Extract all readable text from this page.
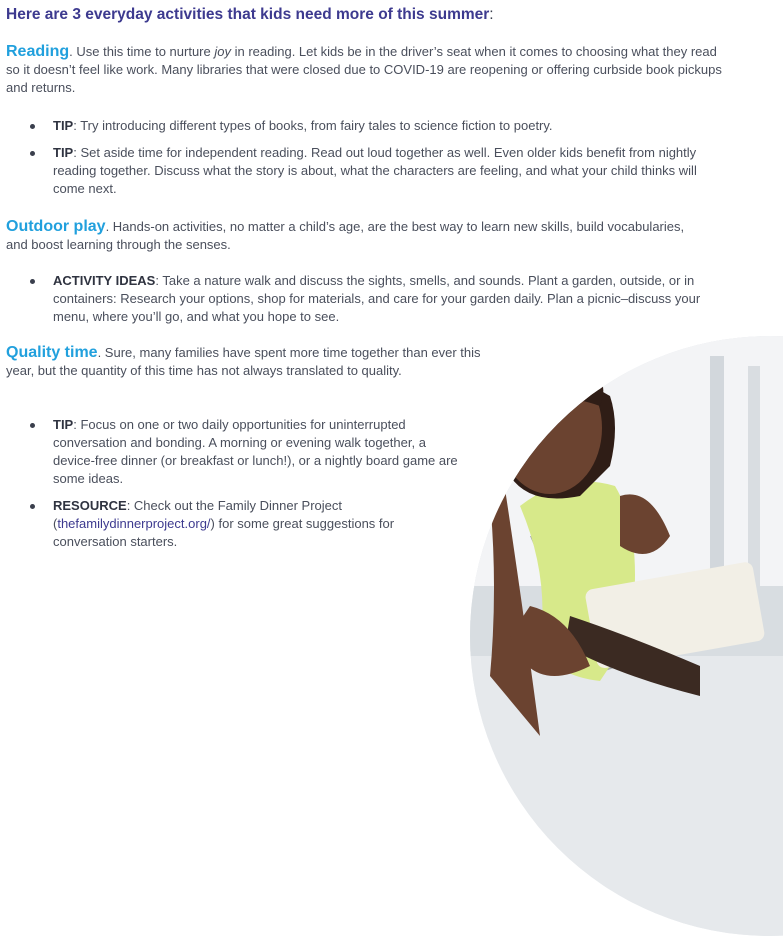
Here are 3 everyday activities that kids need more of this summer:

Reading. Use this time to nurture joy in reading. Let kids be in the driver’s seat when it comes to choosing what they read so it doesn’t feel like work. Many libraries that were closed due to COVID-19 are reopening or offering curbside book pickups and returns.

TIP: Try introducing different types of books, from fairy tales to science fiction to poetry.
TIP: Set aside time for independent reading. Read out loud together as well. Even older kids benefit from nightly reading together. Discuss what the story is about, what the characters are feeling, and what your child thinks will come next.

Outdoor play. Hands-on activities, no matter a child’s age, are the best way to learn new skills, build vocabularies, and boost learning through the senses.

ACTIVITY IDEAS: Take a nature walk and discuss the sights, smells, and sounds. Plant a garden, outside, or in containers: Research your options, shop for materials, and care for your garden daily. Plan a picnic–discuss your menu, where you’ll go, and what you hope to see.

Quality time. Sure, many families have spent more time together than ever this year, but the quantity of this time has not always translated to quality.

TIP: Focus on one or two daily opportunities for uninterrupted conversation and bonding. A morning or evening walk together, a device-free dinner (or breakfast or lunch!), or a nightly board game are some ideas.
RESOURCE: Check out the Family Dinner Project (thefamilydinnerproject.org/) for some great suggestions for conversation starters.
